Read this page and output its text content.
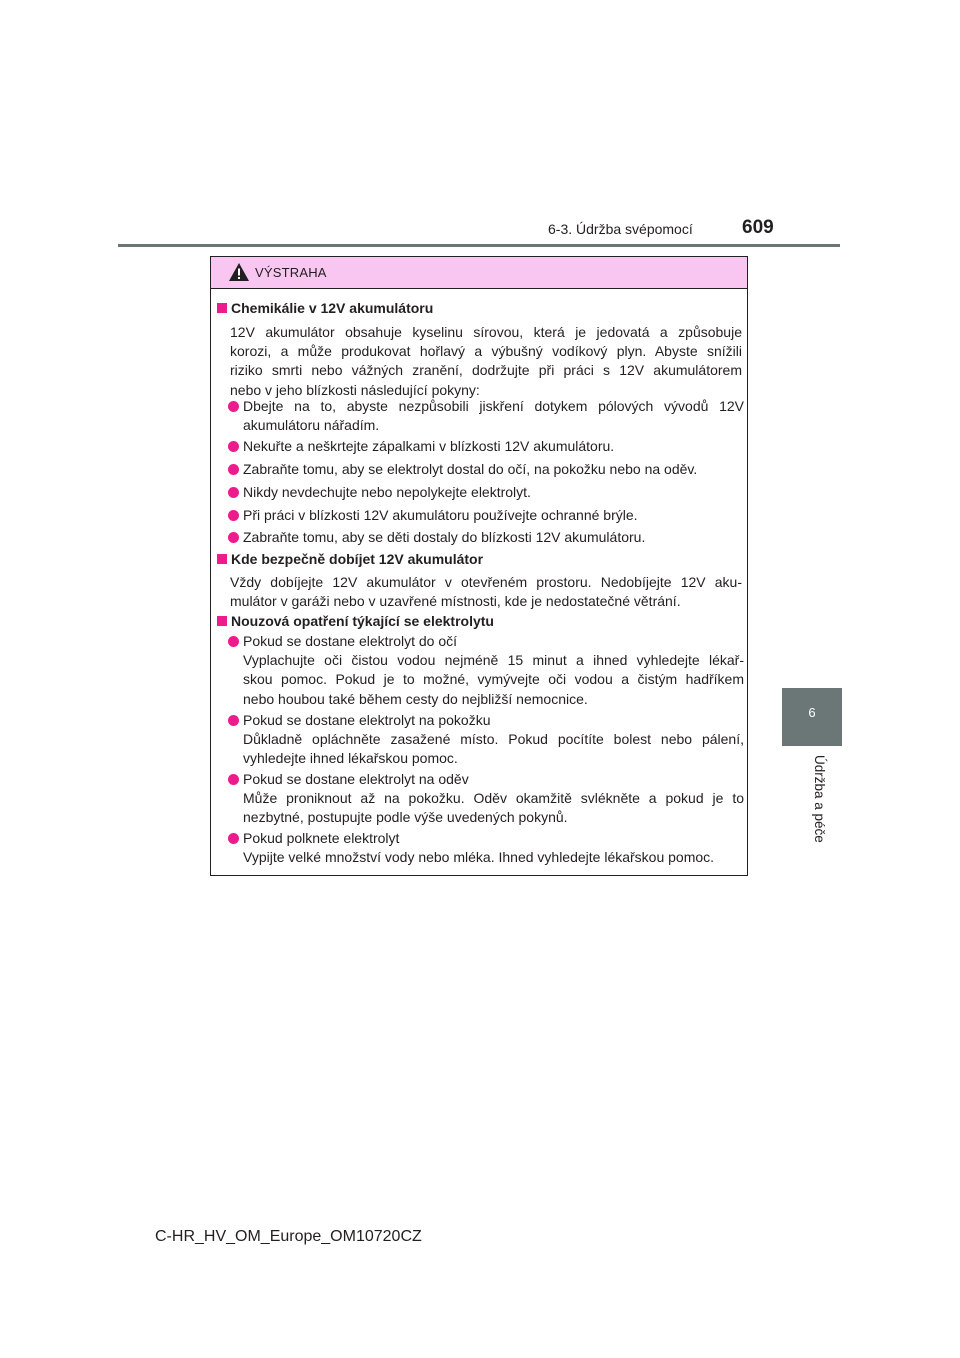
6-3. Údržba svépomocí	609
6
Údržba a péče
VÝSTRAHA
Chemikálie v 12V akumulátoru
12V akumulátor obsahuje kyselinu sírovou, která je jedovatá a způsobuje
korozi, a může produkovat hořlavý a výbušný vodíkový plyn. Abyste snížili
riziko smrti nebo vážných zranění, dodržujte při práci s 12V akumulátorem
nebo v jeho blízkosti následující pokyny:
Dbejte na to, abyste nezpůsobili jiskření dotykem pólových vývodů 12V
akumulátoru nářadím.
Nekuřte a neškrtejte zápalkami v blízkosti 12V akumulátoru.
Zabraňte tomu, aby se elektrolyt dostal do očí, na pokožku nebo na oděv.
Nikdy nevdechujte nebo nepolykejte elektrolyt.
Při práci v blízkosti 12V akumulátoru používejte ochranné brýle.
Zabraňte tomu, aby se děti dostaly do blízkosti 12V akumulátoru.
Kde bezpečně dobíjet 12V akumulátor
Vždy dobíjejte 12V akumulátor v otevřeném prostoru. Nedobíjejte 12V aku-
mulátor v garáži nebo v uzavřené místnosti, kde je nedostatečné větrání.
Nouzová opatření týkající se elektrolytu
Pokud se dostane elektrolyt do očí
Vyplachujte oči čistou vodou nejméně 15 minut a ihned vyhledejte lékař-
skou pomoc. Pokud je to možné, vymývejte oči vodou a čistým hadříkem
nebo houbou také během cesty do nejbližší nemocnice.
Pokud se dostane elektrolyt na pokožku
Důkladně opláchněte zasažené místo. Pokud pocítíte bolest nebo pálení,
vyhledejte ihned lékařskou pomoc.
Pokud se dostane elektrolyt na oděv
Může proniknout až na pokožku. Oděv okamžitě svlékněte a pokud je to
nezbytné, postupujte podle výše uvedených pokynů.
Pokud polknete elektrolyt
Vypijte velké množství vody nebo mléka. Ihned vyhledejte lékařskou pomoc.
C-HR_HV_OM_Europe_OM10720CZ
